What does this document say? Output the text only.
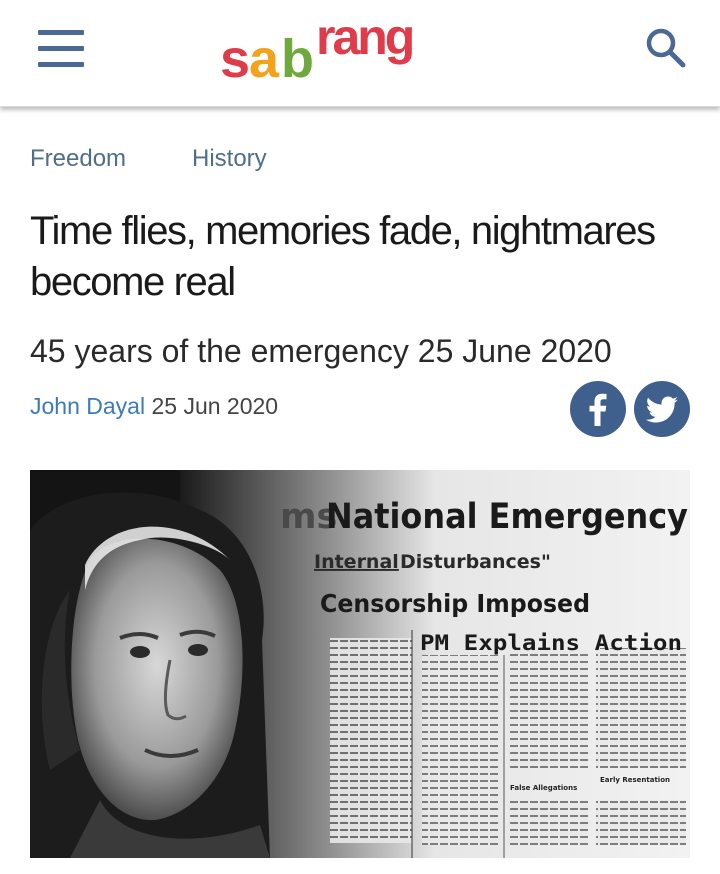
s a b rang
Freedom	History
Time flies, memories fade, nightmares become real
45 years of the emergency 25 June 2020
John Dayal 25 Jun 2020
ms
National Emergency
Internal Disturbances"
Censorship Imposed
PM Explains Action
Early Resentation
False Allegations
